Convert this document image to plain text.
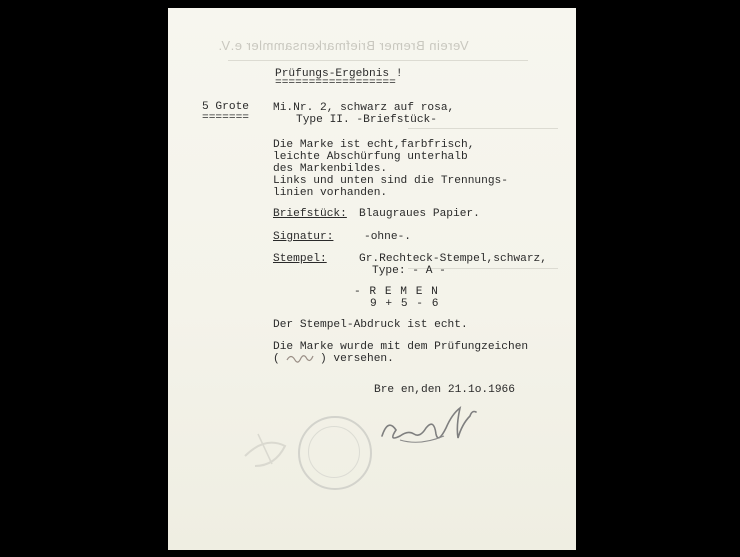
Verein Bremer Briefmarkensammler e.V.
Prüfungs-Ergebnis !
==================
5 Grote
=======
Mi.Nr. 2, schwarz auf rosa,
Type II. -Briefstück-
Die Marke ist echt,farbfrisch,
leichte Abschürfung unterhalb
des Markenbildes.
Links und unten sind die Trennungs-
linien vorhanden.
Briefstück: Blaugraues Papier.
Signatur:	-ohne-.
Stempel:	Gr.Rechteck-Stempel,schwarz,
Type: - A -
- R E M E N
9 + 5 - 6
Der Stempel-Abdruck ist echt.
Die Marke wurde mit dem Prüfungzeichen
(      ) versehen.
Bre en,den 21.1o.1966
